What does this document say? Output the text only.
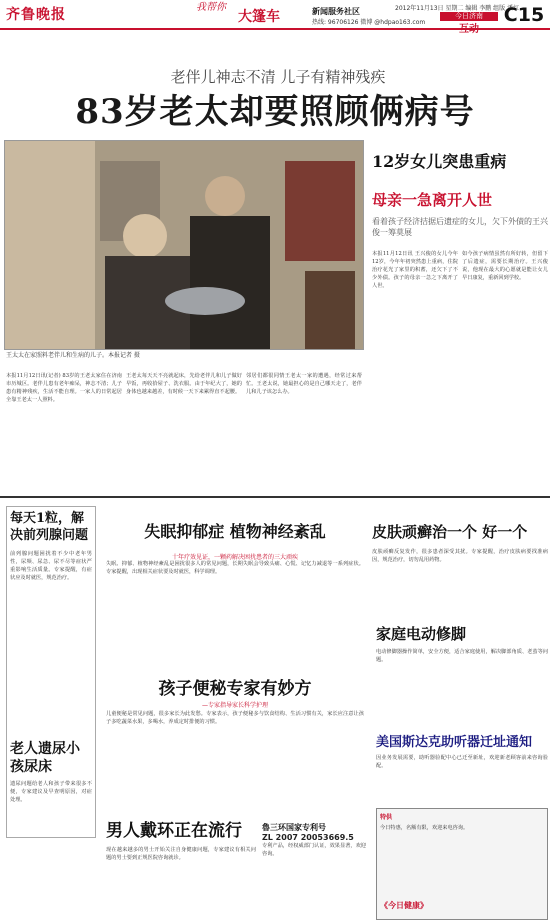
齐鲁晚报	我帮你
大篷车	新闻服务社区
热线: 96706126 微博 @hdpao163.com
2012年11月13日 星期二 编辑 李鹏 组版 潘红
今日济南
互动
C15
老伴儿神志不清 儿子有精神残疾
83岁老太却要照顾俩病号
王太太在家照料老伴儿和生病的儿子。本报记者 摄
12岁女儿突患重病
母亲一急离开人世
看着孩子经济拮据后遗症的女儿，欠下外债的王兴俊一筹莫展
本报11月12日讯(记者) 83岁的王老太家住在济南市历城区。老伴儿患有老年痴呆，神志不清；儿子患有精神残疾，生活不能自理。一家人的日常起居全靠王老太一人照料。
王老太每天天不亮就起床，先给老伴儿和儿子做好早饭，再收拾屋子、洗衣服。由于年纪大了，她的身体也越来越差，有时候一天下来累得直不起腰。
邻居们都很同情王老太一家的遭遇，经常过来帮忙。王老太说，她最担心的是自己哪天走了，老伴儿和儿子该怎么办。
本报11月12日讯 王兴俊的女儿今年12岁，今年年初突然患上重病，住院治疗花光了家里的积蓄，还欠下了不少外债。孩子的母亲一急之下离开了人世。
如今孩子病情虽然有所好转，但留下了后遗症，需要长期治疗。王兴俊说，他现在最大的心愿就是能让女儿早日康复，重新回到学校。
每天1粒，解决前列腺问题
前列腺问题困扰着不少中老年男性，尿频、尿急、尿不尽等症状严重影响生活质量。专家提醒，有症状应及时就医，规范治疗。
老人遗尿小孩尿床
遗尿问题给老人和孩子带来很多不便，专家建议及早查明原因，对症处理。
失眠抑郁症 植物神经紊乱
十年疗效见证，一颗药解决困扰患者的三大顽疾
失眠、抑郁、植物神经紊乱是困扰很多人的常见问题，长期失眠会导致头痛、心慌、记忆力减退等一系列症状。专家提醒，出现相关症状要及时就医，科学调理。
孩子便秘专家有妙方
—专家指导家长科学护理
儿童便秘是常见问题，很多家长为此发愁。专家表示，孩子便秘多与饮食结构、生活习惯有关，家长应注意让孩子多吃蔬菜水果，多喝水，养成定时排便的习惯。
男人戴环正在流行
现在越来越多的男士开始关注自身健康问题，专家建议有相关问题的男士要到正规医院咨询就诊。
魯三环国家专利号
ZL 2007 20053669.5
专利产品，经权威部门认证，效果显著，欢迎咨询。
皮肤顽癣治一个 好一个
皮肤顽癣反复发作，很多患者深受其扰。专家提醒，治疗皮肤病要找准病因，规范治疗，切勿乱用药物。
家庭电动修脚
电动修脚器操作简单，安全方便，适合家庭使用，解决脚部角质、老茧等问题。
美国斯达克助听器迁址通知
因业务发展需要，助听器验配中心已迁至新址，欢迎新老顾客前来咨询验配。
特供
今日特惠，名额有限，欢迎来电咨询。
《今日健康》
